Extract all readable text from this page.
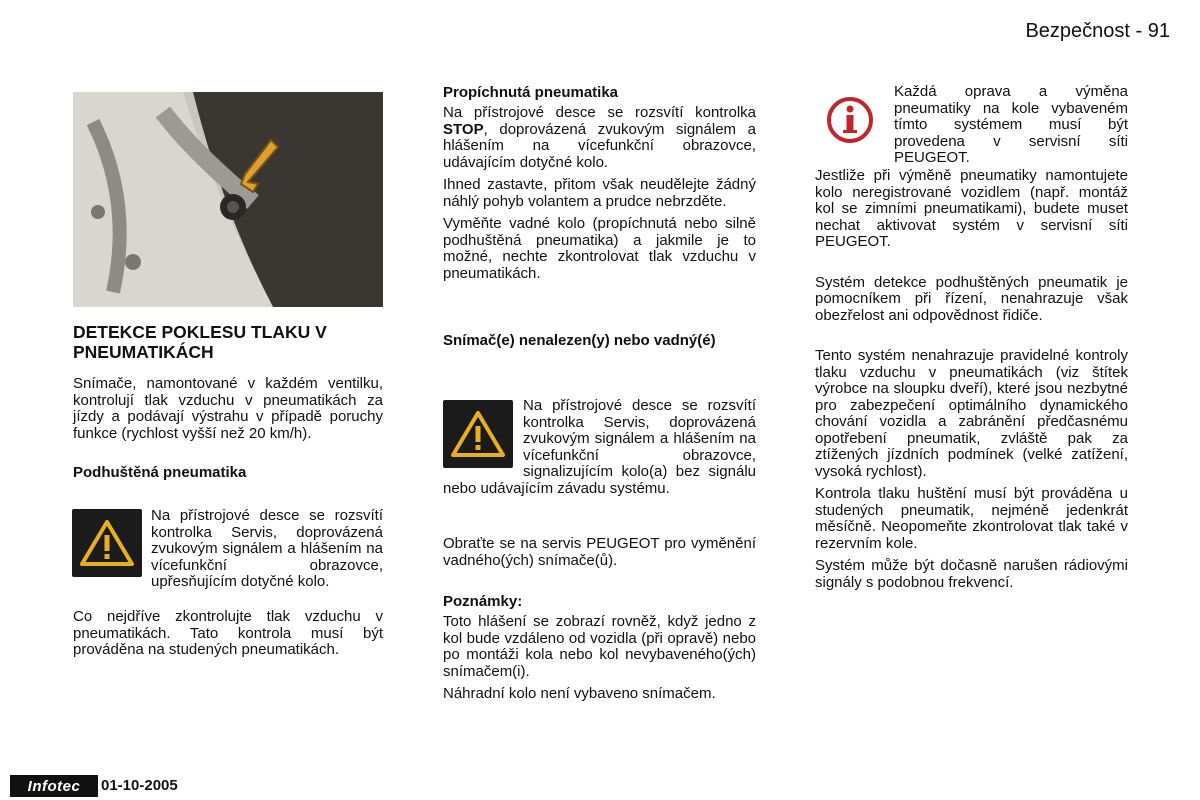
Bezpečnost - 91

DETEKCE POKLESU TLAKU V PNEUMATIKÁCH

Snímače, namontované v každém ventilku, kontrolují tlak vzduchu v pneumatikách za jízdy a podávají výstrahu v případě poruchy funkce (rychlost vyšší než 20 km/h).

Podhuštěná pneumatika

Na přístrojové desce se rozsvítí kontrolka Servis, doprovázená zvukovým signálem a hlášením na vícefunkční obrazovce, upřesňujícím dotyčné kolo.

Co nejdříve zkontrolujte tlak vzduchu v pneumatikách. Tato kontrola musí být prováděna na studených pneumatikách.

Propíchnutá pneumatika

Na přístrojové desce se rozsvítí kontrolka STOP, doprovázená zvukovým signálem a hlášením na vícefunkční obrazovce, udávajícím dotyčné kolo.

Ihned zastavte, přitom však neudělejte žádný náhlý pohyb volantem a prudce nebrzděte.

Vyměňte vadné kolo (propíchnutá nebo silně podhuštěná pneumatika) a jakmile je to možné, nechte zkontrolovat tlak vzduchu v pneumatikách.

Snímač(e) nenalezen(y) nebo vadný(é)

Na přístrojové desce se rozsvítí kontrolka Servis, doprovázená zvukovým signálem a hlášením na vícefunkční obrazovce, signalizujícím kolo(a) bez signálu nebo udávajícím závadu systému.

Obraťte se na servis PEUGEOT pro vyměnění vadného(ých) snímače(ů).

Poznámky:

Toto hlášení se zobrazí rovněž, když jedno z kol bude vzdáleno od vozidla (při opravě) nebo po montáži kola nebo kol nevybaveného(ých) snímačem(i).

Náhradní kolo není vybaveno snímačem.

Každá oprava a výměna pneumatiky na kole vybaveném tímto systémem musí být provedena v servisní síti PEUGEOT.

Jestliže při výměně pneumatiky namontujete kolo neregistrované vozidlem (např. montáž kol se zimními pneumatikami), budete muset nechat aktivovat systém v servisní síti PEUGEOT.

Systém detekce podhuštěných pneumatik je pomocníkem při řízení, nenahrazuje však obezřelost ani odpovědnost řidiče.

Tento systém nenahrazuje pravidelné kontroly tlaku vzduchu v pneumatikách (viz štítek výrobce na sloupku dveří), které jsou nezbytné pro zabezpečení optimálního dynamického chování vozidla a zabránění předčasnému opotřebení pneumatik, zvláště pak za ztížených jízdních podmínek (velké zatížení, vysoká rychlost).

Kontrola tlaku huštění musí být prováděna u studených pneumatik, nejméně jedenkrát měsíčně. Neopomeňte zkontrolovat tlak také v rezervním kole.

Systém může být dočasně narušen rádiovými signály s podobnou frekvencí.

Infotec	01-10-2005
